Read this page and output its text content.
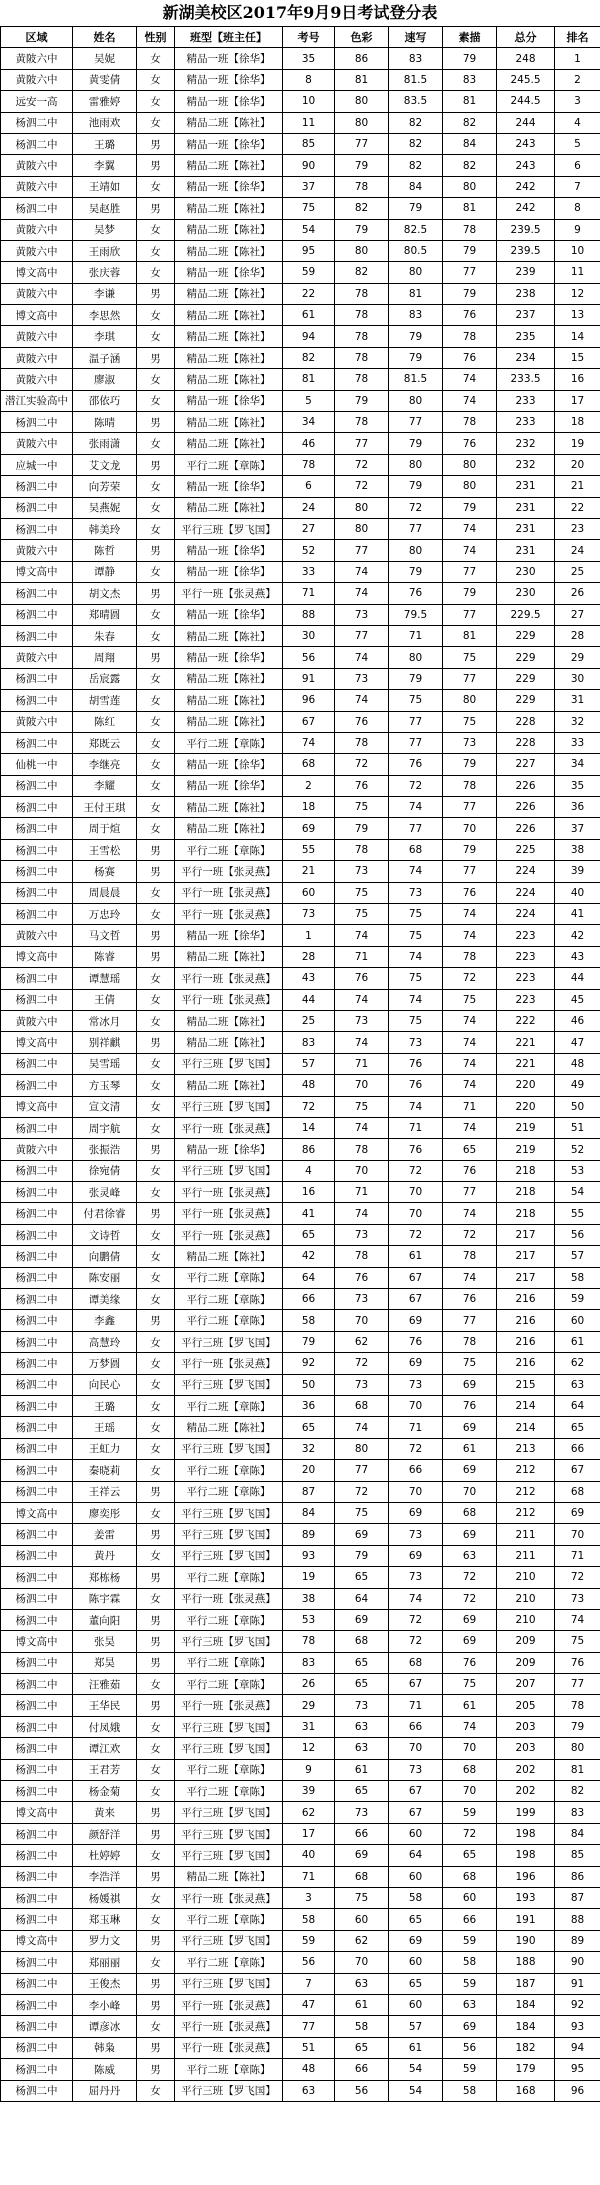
新湖美校区2017年9月9日考试登分表
区域	姓名	性别	班型【班主任】	考号	色彩	速写	素描	总分	排名
黄陂六中	吴妮	女	精品一班【徐华】	35	86	83	79	248	1
黄陂六中	黄雯倩	女	精品一班【徐华】	8	81	81.5	83	245.5	2
远安一高	雷雅婷	女	精品一班【徐华】	10	80	83.5	81	244.5	3
杨泗二中	池雨欢	女	精品二班【陈社】	11	80	82	82	244	4
杨泗二中	王璐	男	精品一班【徐华】	85	77	82	84	243	5
黄陂六中	李翼	男	精品二班【陈社】	90	79	82	82	243	6
黄陂六中	王靖如	女	精品一班【徐华】	37	78	84	80	242	7
杨泗二中	吴赵胜	男	精品二班【陈社】	75	82	79	81	242	8
黄陂六中	吴梦	女	精品二班【陈社】	54	79	82.5	78	239.5	9
黄陂六中	王雨欣	女	精品二班【陈社】	95	80	80.5	79	239.5	10
博文高中	张庆蓉	女	精品一班【徐华】	59	82	80	77	239	11
黄陂六中	李谦	男	精品二班【陈社】	22	78	81	79	238	12
博文高中	李思然	女	精品二班【陈社】	61	78	83	76	237	13
黄陂六中	李琪	女	精品二班【陈社】	94	78	79	78	235	14
黄陂六中	温子涵	男	精品二班【陈社】	82	78	79	76	234	15
黄陂六中	廖淑	女	精品二班【陈社】	81	78	81.5	74	233.5	16
潜江实验高中	邵依巧	女	精品一班【徐华】	5	79	80	74	233	17
杨泗二中	陈晴	男	精品二班【陈社】	34	78	77	78	233	18
黄陂六中	张雨潇	女	精品二班【陈社】	46	77	79	76	232	19
应城一中	艾文龙	男	平行二班【章陈】	78	72	80	80	232	20
杨泗二中	向芳荣	女	精品一班【徐华】	6	72	79	80	231	21
杨泗二中	吴燕妮	女	精品二班【陈社】	24	80	72	79	231	22
杨泗二中	韩美玲	女	平行三班【罗飞国】	27	80	77	74	231	23
黄陂六中	陈哲	男	精品一班【徐华】	52	77	80	74	231	24
博文高中	谭静	女	精品一班【徐华】	33	74	79	77	230	25
杨泗二中	胡文杰	男	平行一班【张灵燕】	71	74	76	79	230	26
杨泗二中	郑晴圆	女	精品一班【徐华】	88	73	79.5	77	229.5	27
杨泗二中	朱春	女	精品二班【陈社】	30	77	71	81	229	28
黄陂六中	周翔	男	精品一班【徐华】	56	74	80	75	229	29
杨泗二中	岳宸露	女	精品二班【陈社】	91	73	79	77	229	30
杨泗二中	胡雪莲	女	精品二班【陈社】	96	74	75	80	229	31
黄陂六中	陈红	女	精品二班【陈社】	67	76	77	75	228	32
杨泗二中	郑既云	女	平行二班【章陈】	74	78	77	73	228	33
仙桃一中	李继亮	女	精品一班【徐华】	68	72	76	79	227	34
杨泗二中	李耀	女	精品一班【徐华】	2	76	72	78	226	35
杨泗二中	王付王琪	女	精品二班【陈社】	18	75	74	77	226	36
杨泗二中	周于煊	女	精品二班【陈社】	69	79	77	70	226	37
杨泗二中	王雪松	男	平行二班【章陈】	55	78	68	79	225	38
杨泗二中	杨赛	男	平行一班【张灵燕】	21	73	74	77	224	39
杨泗二中	周晨晨	女	平行一班【张灵燕】	60	75	73	76	224	40
杨泗二中	万忠玲	女	平行一班【张灵燕】	73	75	75	74	224	41
黄陂六中	马文哲	男	精品一班【徐华】	1	74	75	74	223	42
博文高中	陈睿	男	精品二班【陈社】	28	71	74	78	223	43
杨泗二中	谭慧瑶	女	平行一班【张灵燕】	43	76	75	72	223	44
杨泗二中	王倩	女	平行一班【张灵燕】	44	74	74	75	223	45
黄陂六中	常冰月	女	精品二班【陈社】	25	73	75	74	222	46
博文高中	别祥麒	男	精品二班【陈社】	83	74	73	74	221	47
杨泗二中	吴雪瑶	女	平行三班【罗飞国】	57	71	76	74	221	48
杨泗二中	方玉琴	女	精品二班【陈社】	48	70	76	74	220	49
博文高中	宣文清	女	平行三班【罗飞国】	72	75	74	71	220	50
杨泗二中	周宇航	女	平行一班【张灵燕】	14	74	71	74	219	51
黄陂六中	张振浩	男	精品一班【徐华】	86	78	76	65	219	52
杨泗二中	徐宛倩	女	平行三班【罗飞国】	4	70	72	76	218	53
杨泗二中	张灵峰	女	平行一班【张灵燕】	16	71	70	77	218	54
杨泗二中	付君徐睿	男	平行一班【张灵燕】	41	74	70	74	218	55
杨泗二中	文诗哲	女	平行一班【张灵燕】	65	73	72	72	217	56
杨泗二中	向鹏倩	女	精品二班【陈社】	42	78	61	78	217	57
杨泗二中	陈安丽	女	平行二班【章陈】	64	76	67	74	217	58
杨泗二中	谭美缘	女	平行二班【章陈】	66	73	67	76	216	59
杨泗二中	李鑫	男	平行二班【章陈】	58	70	69	77	216	60
杨泗二中	高慧玲	女	平行三班【罗飞国】	79	62	76	78	216	61
杨泗二中	万梦圆	女	平行一班【张灵燕】	92	72	69	75	216	62
杨泗二中	向民心	女	平行三班【罗飞国】	50	73	73	69	215	63
杨泗二中	王璐	女	平行二班【章陈】	36	68	70	76	214	64
杨泗二中	王瑶	女	精品二班【陈社】	65	74	71	69	214	65
杨泗二中	王虹力	女	平行三班【罗飞国】	32	80	72	61	213	66
杨泗二中	秦晓莉	女	平行二班【章陈】	20	77	66	69	212	67
杨泗二中	王祥云	男	平行二班【章陈】	87	72	70	70	212	68
博文高中	廖奕彤	女	平行三班【罗飞国】	84	75	69	68	212	69
杨泗二中	姜雷	男	平行三班【罗飞国】	89	69	73	69	211	70
杨泗二中	黄丹	女	平行三班【罗飞国】	93	79	69	63	211	71
杨泗二中	郑栋杨	男	平行二班【章陈】	19	65	73	72	210	72
杨泗二中	陈宇霖	女	平行一班【张灵燕】	38	64	74	72	210	73
杨泗二中	董向阳	男	平行二班【章陈】	53	69	72	69	210	74
博文高中	张昊	男	平行三班【罗飞国】	78	68	72	69	209	75
杨泗二中	郑昊	男	平行二班【章陈】	83	65	68	76	209	76
杨泗二中	汪雅茹	女	平行二班【章陈】	26	65	67	75	207	77
杨泗二中	王华民	男	平行一班【张灵燕】	29	73	71	61	205	78
杨泗二中	付凤娥	女	平行三班【罗飞国】	31	63	66	74	203	79
杨泗二中	谭江欢	女	平行三班【罗飞国】	12	63	70	70	203	80
杨泗二中	王君芳	女	平行二班【章陈】	9	61	73	68	202	81
杨泗二中	杨金菊	女	平行二班【章陈】	39	65	67	70	202	82
博文高中	黄来	男	平行三班【罗飞国】	62	73	67	59	199	83
杨泗二中	颜舒洋	男	平行三班【罗飞国】	17	66	60	72	198	84
杨泗二中	杜婷婷	女	平行三班【罗飞国】	40	69	64	65	198	85
杨泗二中	李浩洋	男	精品二班【陈社】	71	68	60	68	196	86
杨泗二中	杨媛祺	女	平行一班【张灵燕】	3	75	58	60	193	87
杨泗二中	郑玉琳	女	平行二班【章陈】	58	60	65	66	191	88
博文高中	罗力文	男	平行三班【罗飞国】	59	62	69	59	190	89
杨泗二中	郑丽丽	女	平行二班【章陈】	56	70	60	58	188	90
杨泗二中	王俊杰	男	平行三班【罗飞国】	7	63	65	59	187	91
杨泗二中	李小峰	男	平行一班【张灵燕】	47	61	60	63	184	92
杨泗二中	谭彦冰	女	平行一班【张灵燕】	77	58	57	69	184	93
杨泗二中	韩枭	男	平行一班【张灵燕】	51	65	61	56	182	94
杨泗二中	陈威	男	平行二班【章陈】	48	66	54	59	179	95
杨泗二中	屈丹丹	女	平行三班【罗飞国】	63	56	54	58	168	96
